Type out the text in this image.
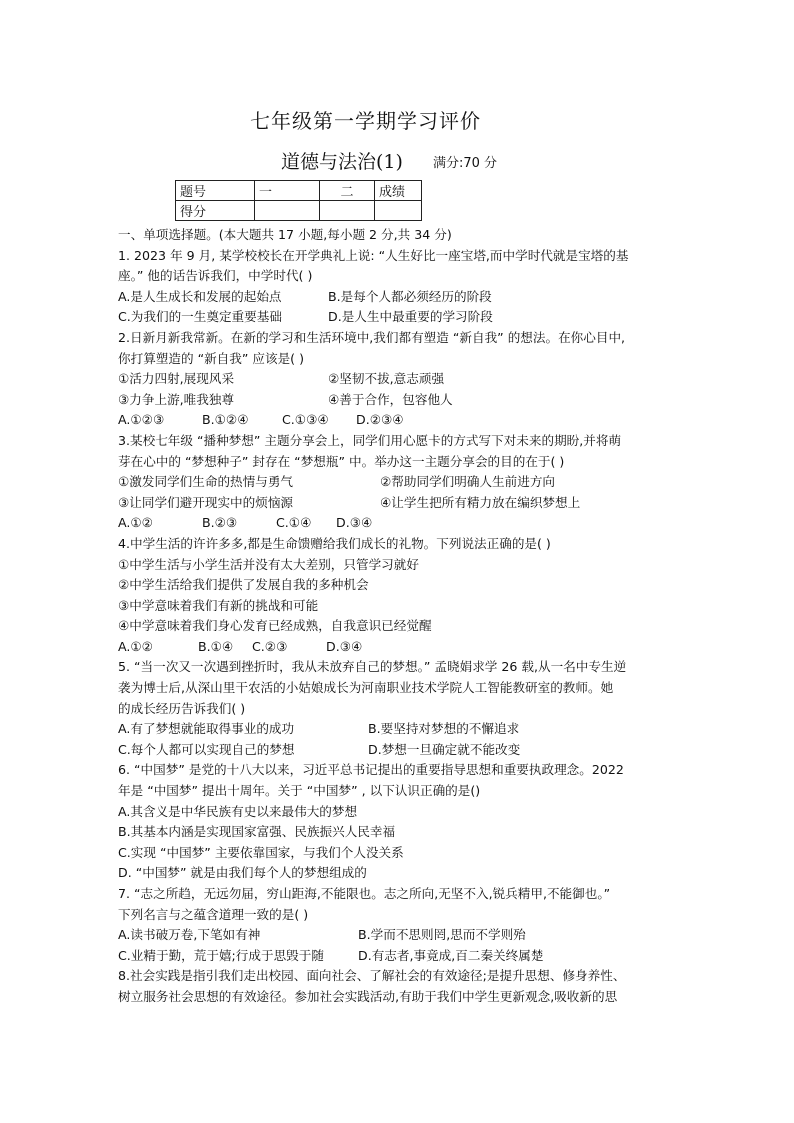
七年级第一学期学习评价
道德与法治(1) 满分:70 分
题号	一	二	成绩
得分			
一、单项选择题。(本大题共 17 小题,每小题 2 分,共 34 分)
1. 2023 年 9 月, 某学校校长在开学典礼上说: “人生好比一座宝塔,而中学时代就是宝塔的基
座。” 他的话告诉我们，中学时代( )
A.是人生成长和发展的起始点	B.是每个人都必须经历的阶段
C.为我们的一生奠定重要基础	D.是人生中最重要的学习阶段
2.日新月新我常新。在新的学习和生活环境中,我们都有塑造 “新自我” 的想法。在你心目中,
你打算塑造的 “新自我” 应该是( )
①活力四射,展现风采	②坚韧不拔,意志顽强
③力争上游,唯我独尊	④善于合作，包容他人
A.①②③	B.①②④	C.①③④ D.②③④
3.某校七年级 “播种梦想” 主题分享会上，同学们用心愿卡的方式写下对未来的期盼,并将萌
芽在心中的 “梦想种子” 封存在 “梦想瓶” 中。举办这一主题分享会的目的在于( )
①激发同学们生命的热情与勇气	②帮助同学们明确人生前进方向
③让同学们避开现实中的烦恼源	④让学生把所有精力放在编织梦想上
A.①②	B.②③	C.①④ D.③④
4.中学生活的许许多多,都是生命馈赠给我们成长的礼物。下列说法正确的是( )
①中学生活与小学生活并没有太大差别，只管学习就好
②中学生活给我们提供了发展自我的多种机会
③中学意味着我们有新的挑战和可能
④中学意味着我们身心发育已经成熟，自我意识已经觉醒
A.①②	B.①④ C.②③	D.③④
5. “当一次又一次遇到挫折时，我从未放弃自己的梦想。” 孟晓娟求学 26 载,从一名中专生逆
袭为博士后,从深山里干农活的小姑娘成长为河南职业技术学院人工智能教研室的教师。她
的成长经历告诉我们( )
A.有了梦想就能取得事业的成功	B.要坚持对梦想的不懈追求
C.每个人都可以实现自己的梦想	D.梦想一旦确定就不能改变
6. “中国梦” 是党的十八大以来，习近平总书记提出的重要指导思想和重要执政理念。2022
年是 “中国梦” 提出十周年。关于 “中国梦” , 以下认识正确的是()
A.其含义是中华民族有史以来最伟大的梦想
B.其基本内涵是实现国家富强、民族振兴人民幸福
C.实现 “中国梦” 主要依靠国家，与我们个人没关系
D. “中国梦” 就是由我们每个人的梦想组成的
7. “志之所趋，无远勿届，穷山距海,不能限也。志之所向,无坚不入,锐兵精甲,不能御也。”
下列名言与之蕴含道理一致的是( )
A.读书破万卷,下笔如有神	B.学而不思则罔,思而不学则殆
C.业精于勤，荒于嬉;行成于思毁于随	D.有志者,事竟成,百二秦关终属楚
8.社会实践是指引我们走出校园、面向社会、了解社会的有效途径;是提升思想、修身养性、
树立服务社会思想的有效途径。参加社会实践活动,有助于我们中学生更新观念,吸收新的思
